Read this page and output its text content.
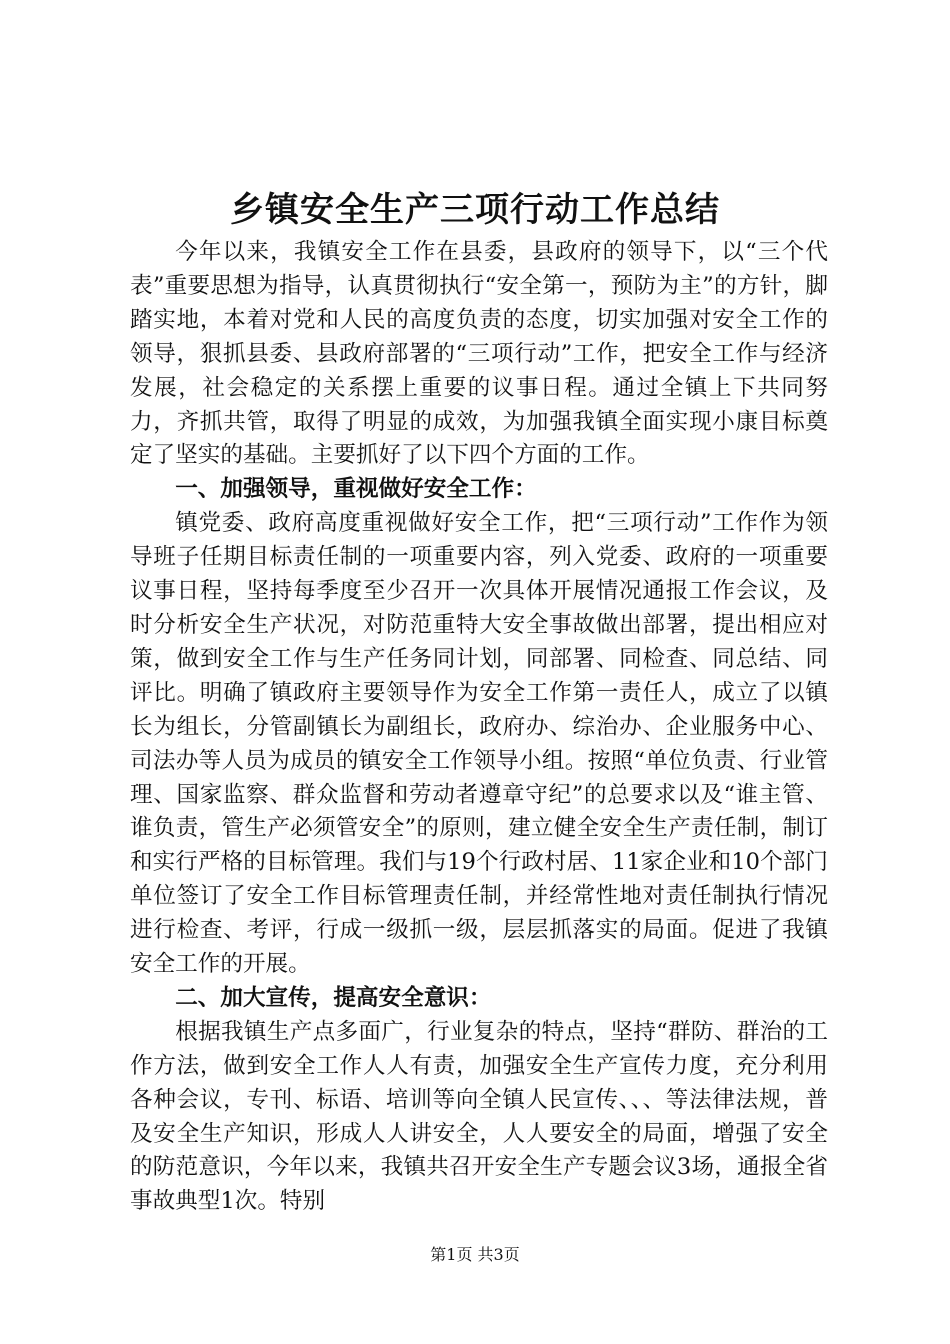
乡镇安全生产三项行动工作总结

今年以来，我镇安全工作在县委，县政府的领导下，以“三个代表”重要思想为指导，认真贯彻执行“安全第一，预防为主”的方针，脚踏实地，本着对党和人民的高度负责的态度，切实加强对安全工作的领导，狠抓县委、县政府部署的“三项行动”工作，把安全工作与经济发展，社会稳定的关系摆上重要的议事日程。通过全镇上下共同努力，齐抓共管，取得了明显的成效，为加强我镇全面实现小康目标奠定了坚实的基础。主要抓好了以下四个方面的工作。

一、加强领导，重视做好安全工作：

镇党委、政府高度重视做好安全工作，把“三项行动”工作作为领导班子任期目标责任制的一项重要内容，列入党委、政府的一项重要议事日程，坚持每季度至少召开一次具体开展情况通报工作会议，及时分析安全生产状况，对防范重特大安全事故做出部署，提出相应对策，做到安全工作与生产任务同计划，同部署、同检查、同总结、同评比。明确了镇政府主要领导作为安全工作第一责任人，成立了以镇长为组长，分管副镇长为副组长，政府办、综治办、企业服务中心、司法办等人员为成员的镇安全工作领导小组。按照“单位负责、行业管理、国家监察、群众监督和劳动者遵章守纪”的总要求以及“谁主管、谁负责，管生产必须管安全”的原则，建立健全安全生产责任制，制订和实行严格的目标管理。我们与19个行政村居、11家企业和10个部门单位签订了安全工作目标管理责任制，并经常性地对责任制执行情况进行检查、考评，行成一级抓一级，层层抓落实的局面。促进了我镇安全工作的开展。

二、加大宣传，提高安全意识：

根据我镇生产点多面广，行业复杂的特点，坚持“群防、群治的工作方法，做到安全工作人人有责，加强安全生产宣传力度，充分利用各种会议，专刊、标语、培训等向全镇人民宣传、、、等法律法规，普及安全生产知识，形成人人讲安全，人人要安全的局面，增强了安全的防范意识，今年以来，我镇共召开安全生产专题会议3场，通报全省事故典型1次。特别

第1页 共3页
